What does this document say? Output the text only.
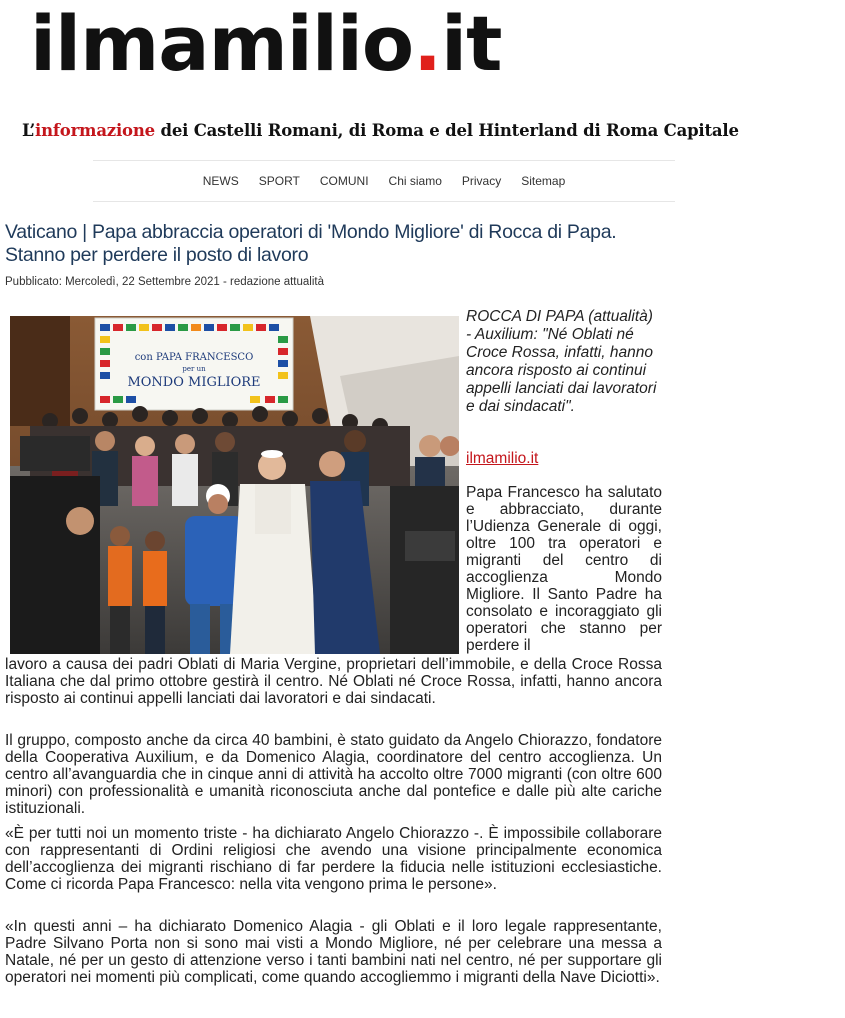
ilmamilio.it
L’informazione dei Castelli Romani, di Roma e del Hinterland di Roma Capitale
NEWS	SPORT	COMUNI	Chi siamo	Privacy	Sitemap
Vaticano | Papa abbraccia operatori di 'Mondo Migliore' di Rocca di Papa. Stanno per perdere il posto di lavoro
Pubblicato: Mercoledì, 22 Settembre 2021 - redazione attualità
con PAPA FRANCESCO
per un
MONDO MIGLIORE

ROCCA DI PAPA (attualità) - Auxilium: "Né Oblati né Croce Rossa, infatti, hanno ancora risposto ai continui appelli lanciati dai lavoratori e dai sindacati".

ilmamilio.it
Papa Francesco ha salutato e abbracciato, durante l’Udienza Generale di oggi, oltre 100 tra operatori e migranti del centro di accoglienza Mondo Migliore. Il Santo Padre ha consolato e incoraggiato gli operatori che stanno per perdere il

lavoro a causa dei padri Oblati di Maria Vergine, proprietari dell’immobile, e della Croce Rossa Italiana che dal primo ottobre gestirà il centro. Né Oblati né Croce Rossa, infatti, hanno ancora risposto ai continui appelli lanciati dai lavoratori e dai sindacati.

Il gruppo, composto anche da circa 40 bambini, è stato guidato da Angelo Chiorazzo, fondatore della Cooperativa Auxilium, e da Domenico Alagia, coordinatore del centro accoglienza. Un centro all’avanguardia che in cinque anni di attività ha accolto oltre 7000 migranti (con oltre 600 minori) con professionalità e umanità riconosciuta anche dal pontefice e dalle più alte cariche istituzionali.

«È per tutti noi un momento triste - ha dichiarato Angelo Chiorazzo -. È impossibile collaborare con rappresentanti di Ordini religiosi che avendo una visione principalmente economica dell’accoglienza dei migranti rischiano di far perdere la fiducia nelle istituzioni ecclesiastiche. Come ci ricorda Papa Francesco: nella vita vengono prima le persone».

«In questi anni – ha dichiarato Domenico Alagia - gli Oblati e il loro legale rappresentante, Padre Silvano Porta non si sono mai visti a Mondo Migliore, né per celebrare una messa a Natale, né per un gesto di attenzione verso i tanti bambini nati nel centro, né per supportare gli operatori nei momenti più complicati, come quando accogliemmo i migranti della Nave Diciotti».
